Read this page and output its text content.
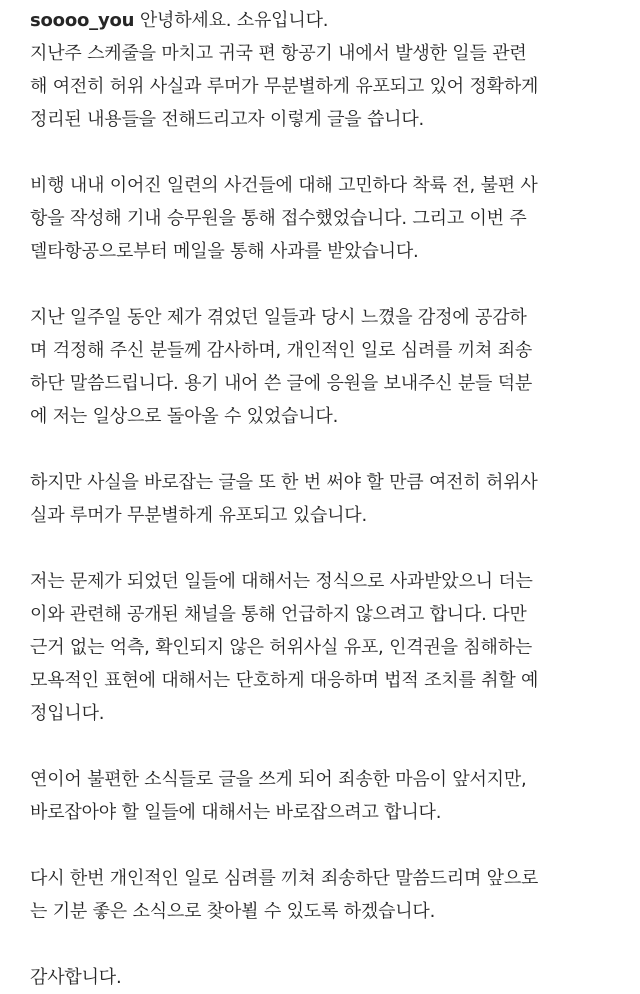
soooo_you 안녕하세요. 소유입니다.
지난주 스케줄을 마치고 귀국 편 항공기 내에서 발생한 일들 관련
해 여전히 허위 사실과 루머가 무분별하게 유포되고 있어 정확하게
정리된 내용들을 전해드리고자 이렇게 글을 씁니다.
비행 내내 이어진 일련의 사건들에 대해 고민하다 착륙 전, 불편 사
항을 작성해 기내 승무원을 통해 접수했었습니다. 그리고 이번 주
델타항공으로부터 메일을 통해 사과를 받았습니다.
지난 일주일 동안 제가 겪었던 일들과 당시 느꼈을 감정에 공감하
며 걱정해 주신 분들께 감사하며, 개인적인 일로 심려를 끼쳐 죄송
하단 말씀드립니다. 용기 내어 쓴 글에 응원을 보내주신 분들 덕분
에 저는 일상으로 돌아올 수 있었습니다.
하지만 사실을 바로잡는 글을 또 한 번 써야 할 만큼 여전히 허위사
실과 루머가 무분별하게 유포되고 있습니다.
저는 문제가 되었던 일들에 대해서는 정식으로 사과받았으니 더는
이와 관련해 공개된 채널을 통해 언급하지 않으려고 합니다. 다만
근거 없는 억측, 확인되지 않은 허위사실 유포, 인격권을 침해하는
모욕적인 표현에 대해서는 단호하게 대응하며 법적 조치를 취할 예
정입니다.
연이어 불편한 소식들로 글을 쓰게 되어 죄송한 마음이 앞서지만,
바로잡아야 할 일들에 대해서는 바로잡으려고 합니다.
다시 한번 개인적인 일로 심려를 끼쳐 죄송하단 말씀드리며 앞으로
는 기분 좋은 소식으로 찾아뵐 수 있도록 하겠습니다.
감사합니다.
